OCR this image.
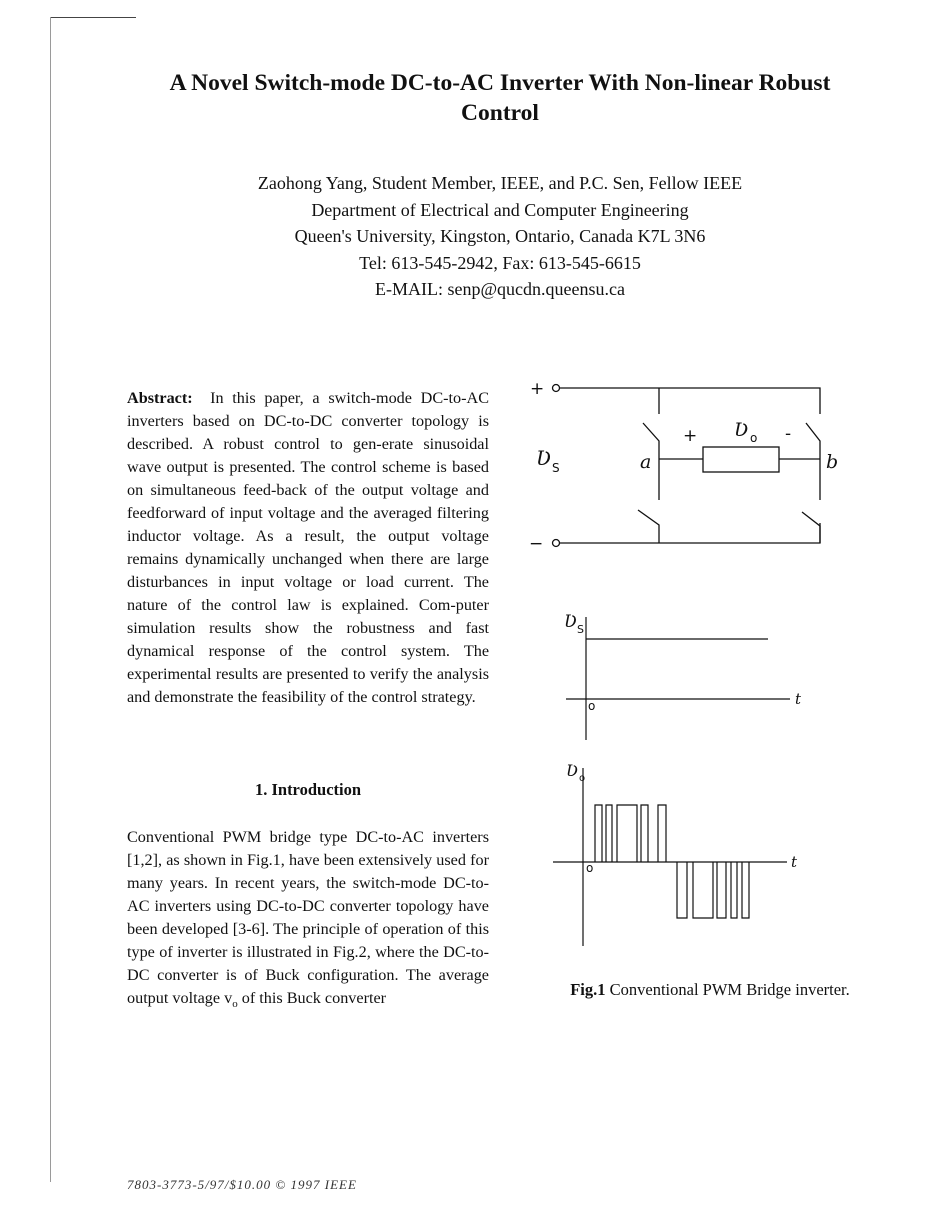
A Novel Switch-mode DC-to-AC Inverter With Non-linear Robust
Control
Zaohong Yang, Student Member, IEEE, and P.C. Sen, Fellow IEEE
Department of Electrical and Computer Engineering
Queen's University, Kingston, Ontario, Canada K7L 3N6
Tel: 613-545-2942, Fax: 613-545-6615
E-MAIL: senp@qucdn.queensu.ca
Abstract: In this paper, a switch-mode DC-to-AC inverters based on DC-to-DC converter topology is described. A robust control to gen-erate sinusoidal wave output is presented. The control scheme is based on simultaneous feed-back of the output voltage and feedforward of input voltage and the averaged filtering inductor voltage. As a result, the output voltage remains dynamically unchanged when there are large disturbances in input voltage or load current. The nature of the control law is explained. Com-puter simulation results show the robustness and fast dynamical response of the control system. The experimental results are presented to verify the analysis and demonstrate the feasibility of the control strategy.
1. Introduction
Conventional PWM bridge type DC-to-AC inverters [1,2], as shown in Fig.1, have been extensively used for many years. In recent years, the switch-mode DC-to-AC inverters using DC-to-DC converter topology have been developed [3-6]. The principle of operation of this type of inverter is illustrated in Fig.2, where the DC-to-DC converter is of Buck configuration. The average output voltage $v_o$ of this Buck converter
+
−
Ʋ S	a	b
+	-
Ʋ o
Ʋ S
o	t
Ʋ o
o	t
Fig.1 Conventional PWM Bridge inverter.
7803-3773-5/97/$10.00 © 1997 IEEE
